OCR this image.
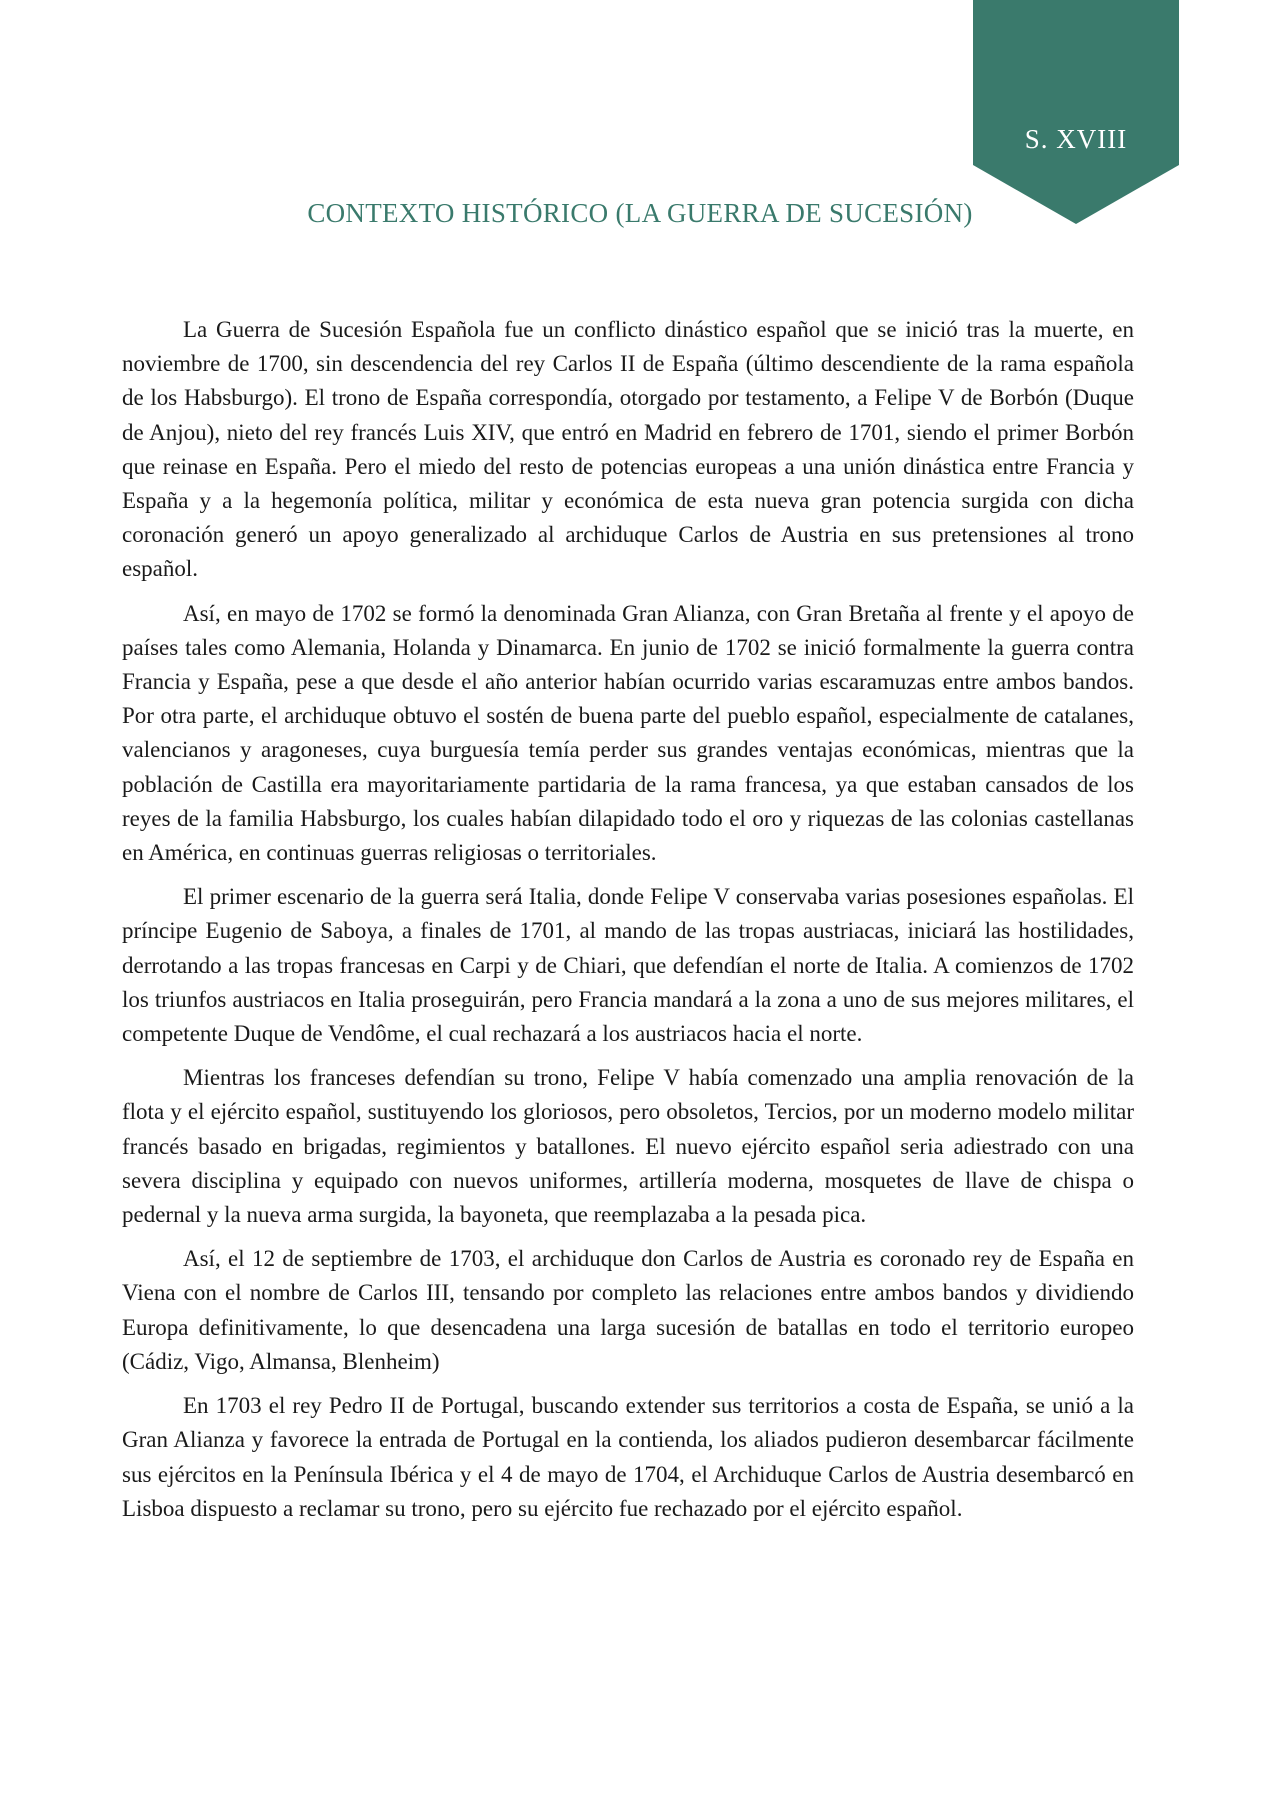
S. XVIII
CONTEXTO HISTÓRICO (LA GUERRA DE SUCESIÓN)

La Guerra de Sucesión Española fue un conflicto dinástico español que se inició tras la muerte, en noviembre de 1700, sin descendencia del rey Carlos II de España (último descendiente de la rama española de los Habsburgo). El trono de España correspondía, otorgado por testamento, a Felipe V de Borbón (Duque de Anjou), nieto del rey francés Luis XIV, que entró en Madrid en febrero de 1701, siendo el primer Borbón que reinase en España. Pero el miedo del resto de potencias europeas a una unión dinástica entre Francia y España y a la hegemonía política, militar y económica de esta nueva gran potencia surgida con dicha coronación generó un apoyo generalizado al archiduque Carlos de Austria en sus pretensiones al trono español.

Así, en mayo de 1702 se formó la denominada Gran Alianza, con Gran Bretaña al frente y el apoyo de países tales como Alemania, Holanda y Dinamarca. En junio de 1702 se inició formalmente la guerra contra Francia y España, pese a que desde el año anterior habían ocurrido varias escaramuzas entre ambos bandos. Por otra parte, el archiduque obtuvo el sostén de buena parte del pueblo español, especialmente de catalanes, valencianos y aragoneses, cuya burguesía temía perder sus grandes ventajas económicas, mientras que la población de Castilla era mayoritariamente partidaria de la rama francesa, ya que estaban cansados de los reyes de la familia Habsburgo, los cuales habían dilapidado todo el oro y riquezas de las colonias castellanas en América, en continuas guerras religiosas o territoriales.

El primer escenario de la guerra será Italia, donde Felipe V conservaba varias posesiones españolas. El príncipe Eugenio de Saboya, a finales de 1701, al mando de las tropas austriacas, iniciará las hostilidades, derrotando a las tropas francesas en Carpi y de Chiari, que defendían el norte de Italia. A comienzos de 1702 los triunfos austriacos en Italia proseguirán, pero Francia mandará a la zona a uno de sus mejores militares, el competente Duque de Vendôme, el cual rechazará a los austriacos hacia el norte.

Mientras los franceses defendían su trono, Felipe V había comenzado una amplia renovación de la flota y el ejército español, sustituyendo los gloriosos, pero obsoletos, Tercios, por un moderno modelo militar francés basado en brigadas, regimientos y batallones. El nuevo ejército español seria adiestrado con una severa disciplina y equipado con nuevos uniformes, artillería moderna, mosquetes de llave de chispa o pedernal y la nueva arma surgida, la bayoneta, que reemplazaba a la pesada pica.

Así, el 12 de septiembre de 1703, el archiduque don Carlos de Austria es coronado rey de España en Viena con el nombre de Carlos III, tensando por completo las relaciones entre ambos bandos y dividiendo Europa definitivamente, lo que desencadena una larga sucesión de batallas en todo el territorio europeo (Cádiz, Vigo, Almansa, Blenheim)

En 1703 el rey Pedro II de Portugal, buscando extender sus territorios a costa de España, se unió a la Gran Alianza y favorece la entrada de Portugal en la contienda, los aliados pudieron desembarcar fácilmente sus ejércitos en la Península Ibérica y el 4 de mayo de 1704, el Archiduque Carlos de Austria desembarcó en Lisboa dispuesto a reclamar su trono, pero su ejército fue rechazado por el ejército español.
